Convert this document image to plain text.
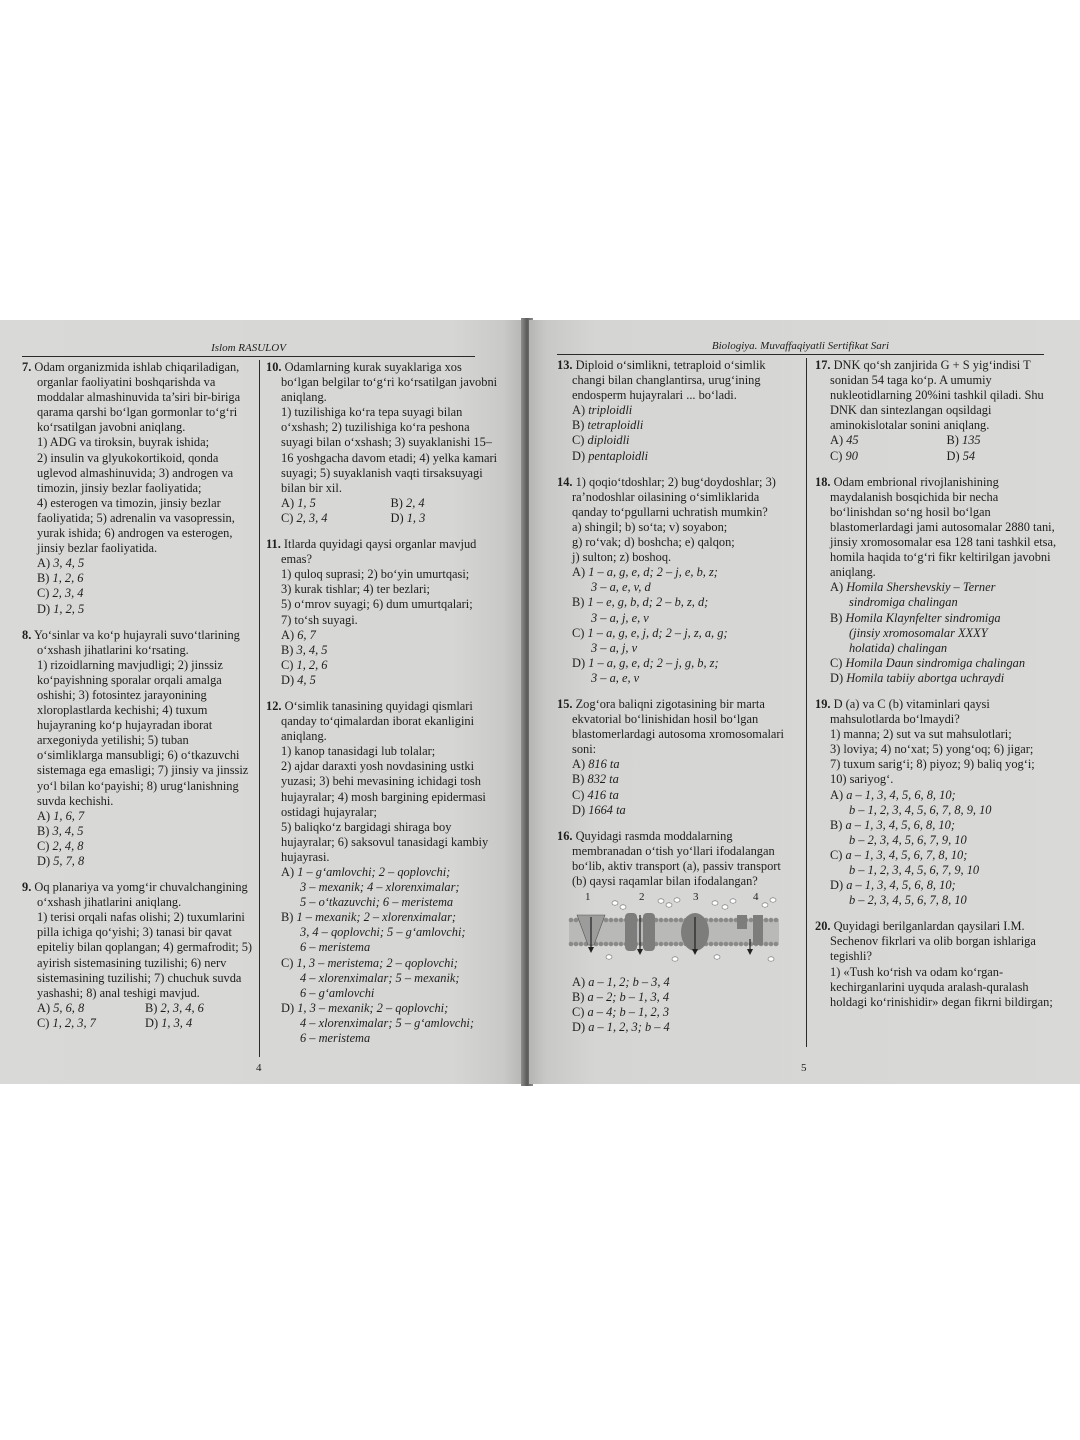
Islom RASULOV
7. Odam organizmida ishlab chiqariladigan, organlar faoliyatini boshqarishda va moddalar almashinuvida ta’siri bir-biriga qarama qarshi bo‘lgan gormonlar to‘g‘ri ko‘rsatilgan javobni aniqlang.
1) ADG va tiroksin, buyrak ishida;
2) insulin va glyukokortikoid, qonda uglevod almashinuvida; 3) androgen va timozin, jinsiy bezlar faoliyatida;
4) esterogen va timozin, jinsiy bezlar faoliyatida; 5) adrenalin va vasopressin, yurak ishida; 6) androgen va esterogen, jinsiy bezlar faoliyatida.
A) 3, 4, 5
B) 1, 2, 6
C) 2, 3, 4
D) 1, 2, 5
8. Yo‘sinlar va ko‘p hujayrali suvo‘tlarining o‘xshash jihatlarini ko‘rsating.
1) rizoidlarning mavjudligi; 2) jinssiz ko‘payishning sporalar orqali amalga oshishi; 3) fotosintez jarayonining xloroplastlarda kechishi; 4) tuxum hujayraning ko‘p hujayradan iborat arxegoniyda yetilishi; 5) tuban o‘simliklarga mansubligi; 6) o‘tkazuvchi sistemaga ega emasligi; 7) jinsiy va jinssiz yo‘l bilan ko‘payishi; 8) urug‘lanishning suvda kechishi.
A) 1, 6, 7
B) 3, 4, 5
C) 2, 4, 8
D) 5, 7, 8
9. Oq planariya va yomg‘ir chuvalchangining o‘xshash jihatlarini aniqlang.
1) terisi orqali nafas olishi; 2) tuxumlarini pilla ichiga qo‘yishi; 3) tanasi bir qavat epiteliy bilan qoplangan; 4) germafrodit; 5) ayirish sistemasining tuzilishi; 6) nerv sistemasining tuzilishi; 7) chuchuk suvda yashashi; 8) anal teshigi mavjud.
A) 5, 6, 8	B) 2, 3, 4, 6
C) 1, 2, 3, 7	D) 1, 3, 4
10. Odamlarning kurak suyaklariga xos bo‘lgan belgilar to‘g‘ri ko‘rsatilgan javobni aniqlang.
1) tuzilishiga ko‘ra tepa suyagi bilan o‘xshash; 2) tuzilishiga ko‘ra peshona suyagi bilan o‘xshash; 3) suyaklanishi 15–16 yoshgacha davom etadi; 4) yelka kamari suyagi; 5) suyaklanish vaqti tirsaksuyagi bilan bir xil.
A) 1, 5	B) 2, 4
C) 2, 3, 4	D) 1, 3
11. Itlarda quyidagi qaysi organlar mavjud emas?
1) quloq suprasi; 2) bo‘yin umurtqasi;
3) kurak tishlar; 4) ter bezlari;
5) o‘mrov suyagi; 6) dum umurtqalari;
7) to‘sh suyagi.
A) 6, 7
B) 3, 4, 5
C) 1, 2, 6
D) 4, 5
12. O‘simlik tanasining quyidagi qismlari qanday to‘qimalardan iborat ekanligini aniqlang.
1) kanop tanasidagi lub tolalar;
2) ajdar daraxti yosh novdasining ustki yuzasi; 3) behi mevasining ichidagi tosh hujayralar; 4) mosh bargining epidermasi ostidagi hujayralar;
5) baliqko‘z bargidagi shiraga boy hujayralar; 6) saksovul tanasidagi kambiy hujayrasi.
A) 1 – g‘amlovchi; 2 – qoplovchi;
3 – mexanik; 4 – xlorenximalar;
5 – o‘tkazuvchi; 6 – meristema
B) 1 – mexanik; 2 – xlorenximalar;
3, 4 – qoplovchi; 5 – g‘amlovchi;
6 – meristema
C) 1, 3 – meristema; 2 – qoplovchi;
4 – xlorenximalar; 5 – mexanik;
6 – g‘amlovchi
D) 1, 3 – mexanik; 2 – qoplovchi;
4 – xlorenximalar; 5 – g‘amlovchi;
6 – meristema
4
Biologiya. Muvaffaqiyatli Sertifikat Sari
13. Diploid o‘simlikni, tetraploid o‘simlik changi bilan changlantirsa, urug‘ining endosperm hujayralari ... bo‘ladi.
A) triploidli
B) tetraploidli
C) diploidli
D) pentaploidli
14. 1) qoqio‘tdoshlar; 2) bug‘doydoshlar; 3) ra’nodoshlar oilasining o‘simliklarida qanday to‘pgullarni uchratish mumkin?
a) shingil; b) so‘ta; v) soyabon;
g) ro‘vak; d) boshcha; e) qalqon;
j) sulton; z) boshoq.
A) 1 – a, g, e, d; 2 – j, e, b, z;
3 – a, e, v, d
B) 1 – e, g, b, d; 2 – b, z, d;
3 – a, j, e, v
C) 1 – a, g, e, j, d; 2 – j, z, a, g;
3 – a, j, v
D) 1 – a, g, e, d; 2 – j, g, b, z;
3 – a, e, v
15. Zog‘ora baliqni zigotasining bir marta ekvatorial bo‘linishidan hosil bo‘lgan blastomerlardagi autosoma xromosomalari soni:
A) 816 ta
B) 832 ta
C) 416 ta
D) 1664 ta
16. Quyidagi rasmda moddalarning membranadan o‘tish yo‘llari ifodalangan bo‘lib, aktiv transport (a), passiv transport (b) qaysi raqamlar bilan ifodalangan?
1	2	3	4
A) a – 1, 2; b – 3, 4
B) a – 2; b – 1, 3, 4
C) a – 4; b – 1, 2, 3
D) a – 1, 2, 3; b – 4
17. DNK qo‘sh zanjirida G + S yig‘indisi T sonidan 54 taga ko‘p. A umumiy nukleotidlarning 20%ini tashkil qiladi. Shu DNK dan sintezlangan oqsildagi aminokislotalar sonini aniqlang.
A) 45	B) 135
C) 90	D) 54
18. Odam embrional rivojlanishining maydalanish bosqichida bir necha bo‘linishdan so‘ng hosil bo‘lgan blastomerlardagi jami autosomalar 2880 tani, jinsiy xromosomalar esa 128 tani tashkil etsa, homila haqida to‘g‘ri fikr keltirilgan javobni aniqlang.
A) Homila Shershevskiy – Terner
sindromiga chalingan
B) Homila Klaynfelter sindromiga
(jinsiy xromosomalar XXXY
holatida) chalingan
C) Homila Daun sindromiga chalingan
D) Homila tabiiy abortga uchraydi
19. D (a) va C (b) vitaminlari qaysi mahsulotlarda bo‘lmaydi?
1) manna; 2) sut va sut mahsulotlari;
3) loviya; 4) no‘xat; 5) yong‘oq; 6) jigar;
7) tuxum sarig‘i; 8) piyoz; 9) baliq yog‘i;
10) sariyog‘.
A) a – 1, 3, 4, 5, 6, 8, 10;
b – 1, 2, 3, 4, 5, 6, 7, 8, 9, 10
B) a – 1, 3, 4, 5, 6, 8, 10;
b – 2, 3, 4, 5, 6, 7, 9, 10
C) a – 1, 3, 4, 5, 6, 7, 8, 10;
b – 1, 2, 3, 4, 5, 6, 7, 9, 10
D) a – 1, 3, 4, 5, 6, 8, 10;
b – 2, 3, 4, 5, 6, 7, 8, 10
20. Quyidagi berilganlardan qaysilari I.M. Sechenov fikrlari va olib borgan ishlariga tegishli?
1) «Tush ko‘rish va odam ko‘rgan-kechirganlarini uyquda aralash-quralash holdagi ko‘rinishidir» degan fikrni bildirgan;
5
